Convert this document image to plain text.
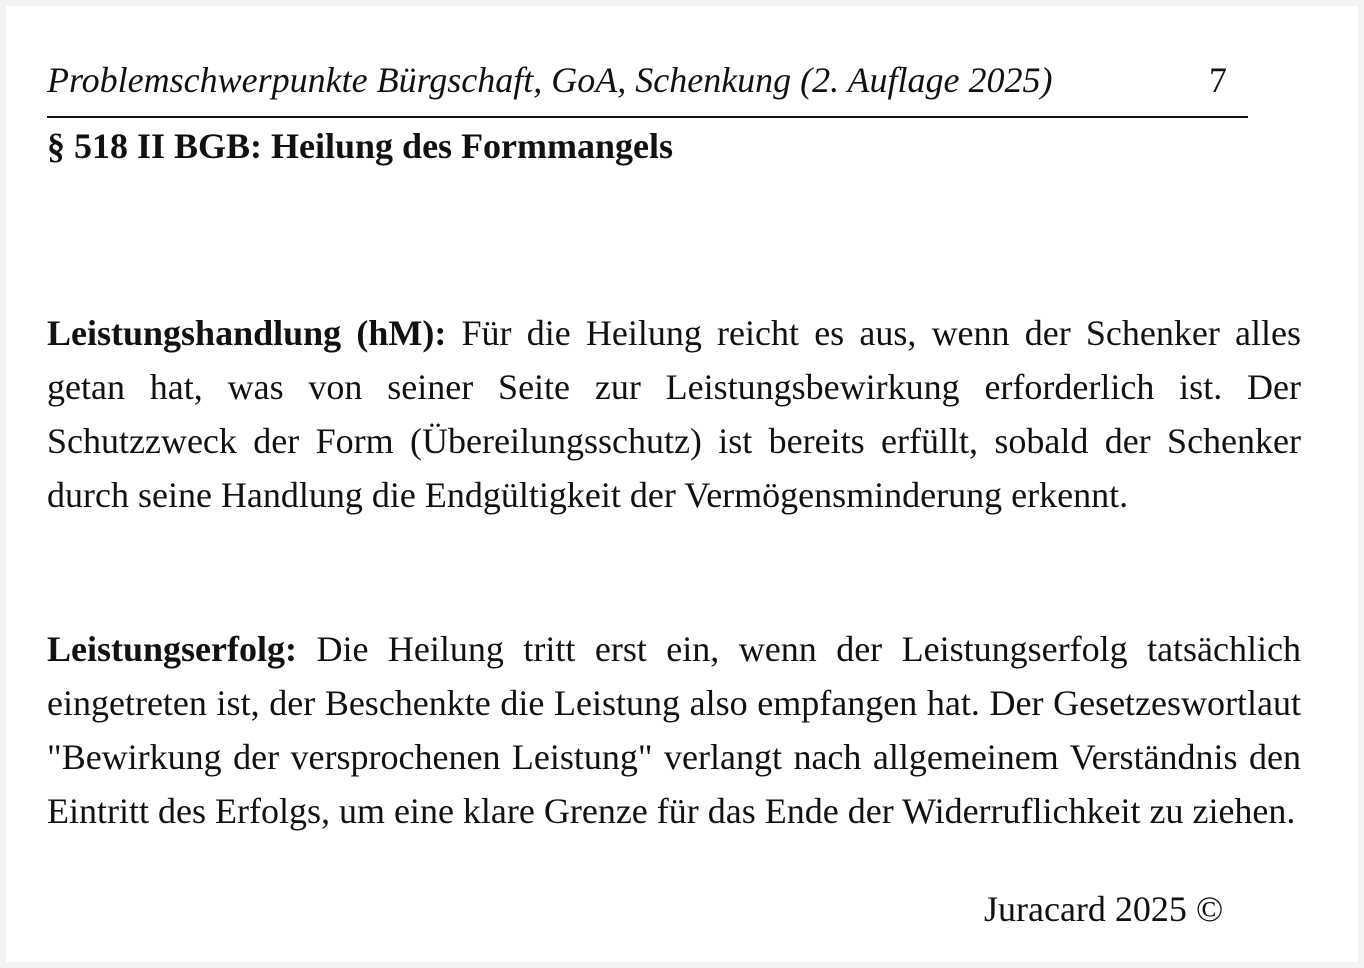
Problemschwerpunkte Bürgschaft, GoA, Schenkung (2. Auflage 2025)	7
§ 518 II BGB: Heilung des Formmangels

Leistungshandlung (hM): Für die Heilung reicht es aus, wenn der Schenker alles getan hat, was von seiner Seite zur Leistungsbewirkung erforderlich ist. Der Schutzzweck der Form (Übereilungsschutz) ist bereits erfüllt, sobald der Schenker durch seine Handlung die Endgültigkeit der Vermögensminderung erkennt.

Leistungserfolg: Die Heilung tritt erst ein, wenn der Leistungserfolg tatsächlich eingetreten ist, der Beschenkte die Leistung also empfangen hat. Der Gesetzeswortlaut "Bewirkung der versprochenen Leistung" verlangt nach allgemeinem Verständnis den Eintritt des Erfolgs, um eine klare Grenze für das Ende der Widerruflichkeit zu ziehen.

Juracard 2025 ©
